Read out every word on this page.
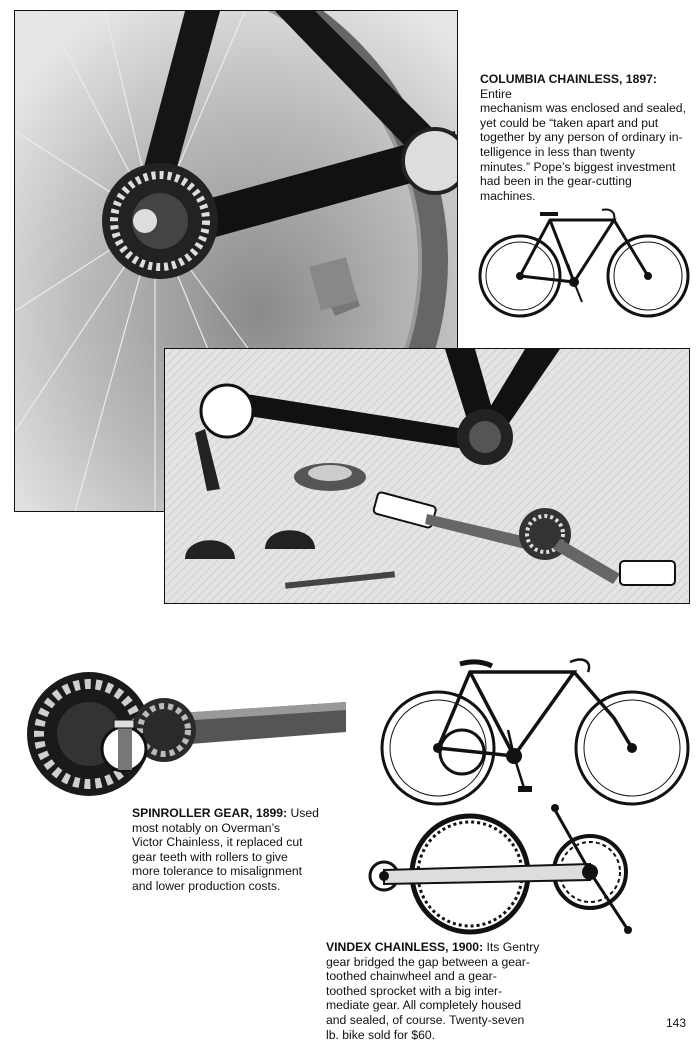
COLUMBIA CHAINLESS, 1897: Entire
mechanism was enclosed and sealed,
yet could be “taken apart and put
together by any person of ordinary in-
telligence in less than twenty
minutes.” Pope’s biggest investment
had been in the gear-cutting
machines.

SPINROLLER GEAR, 1899: Used
most notably on Overman’s
Victor Chainless, it replaced cut
gear teeth with rollers to give
more tolerance to misalignment
and lower production costs.

VINDEX CHAINLESS, 1900: Its Gentry
gear bridged the gap between a gear-
toothed chainwheel and a gear-
toothed sprocket with a big inter-
mediate gear. All completely housed
and sealed, of course. Twenty-seven
lb. bike sold for $60.

143
